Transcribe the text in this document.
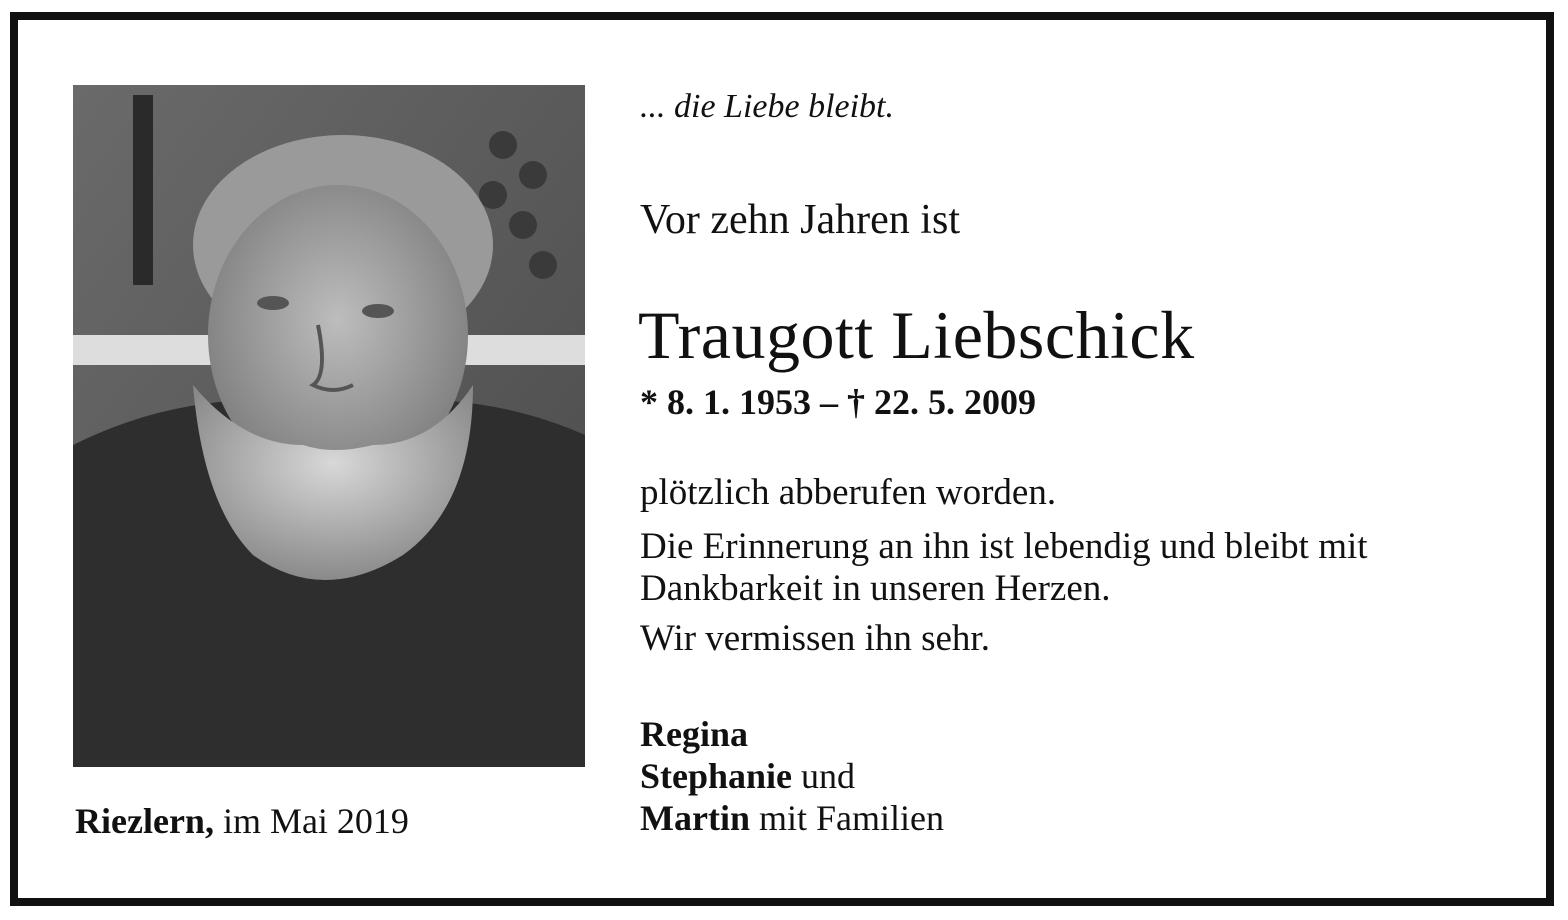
... die Liebe bleibt.
Vor zehn Jahren ist
Traugott Liebschick
* 8. 1. 1953 – † 22. 5. 2009
plötzlich abberufen worden.
Die Erinnerung an ihn ist lebendig und bleibt mit
Dankbarkeit in unseren Herzen.
Wir vermissen ihn sehr.
Regina
Stephanie und
Martin mit Familien
Riezlern, im Mai 2019
